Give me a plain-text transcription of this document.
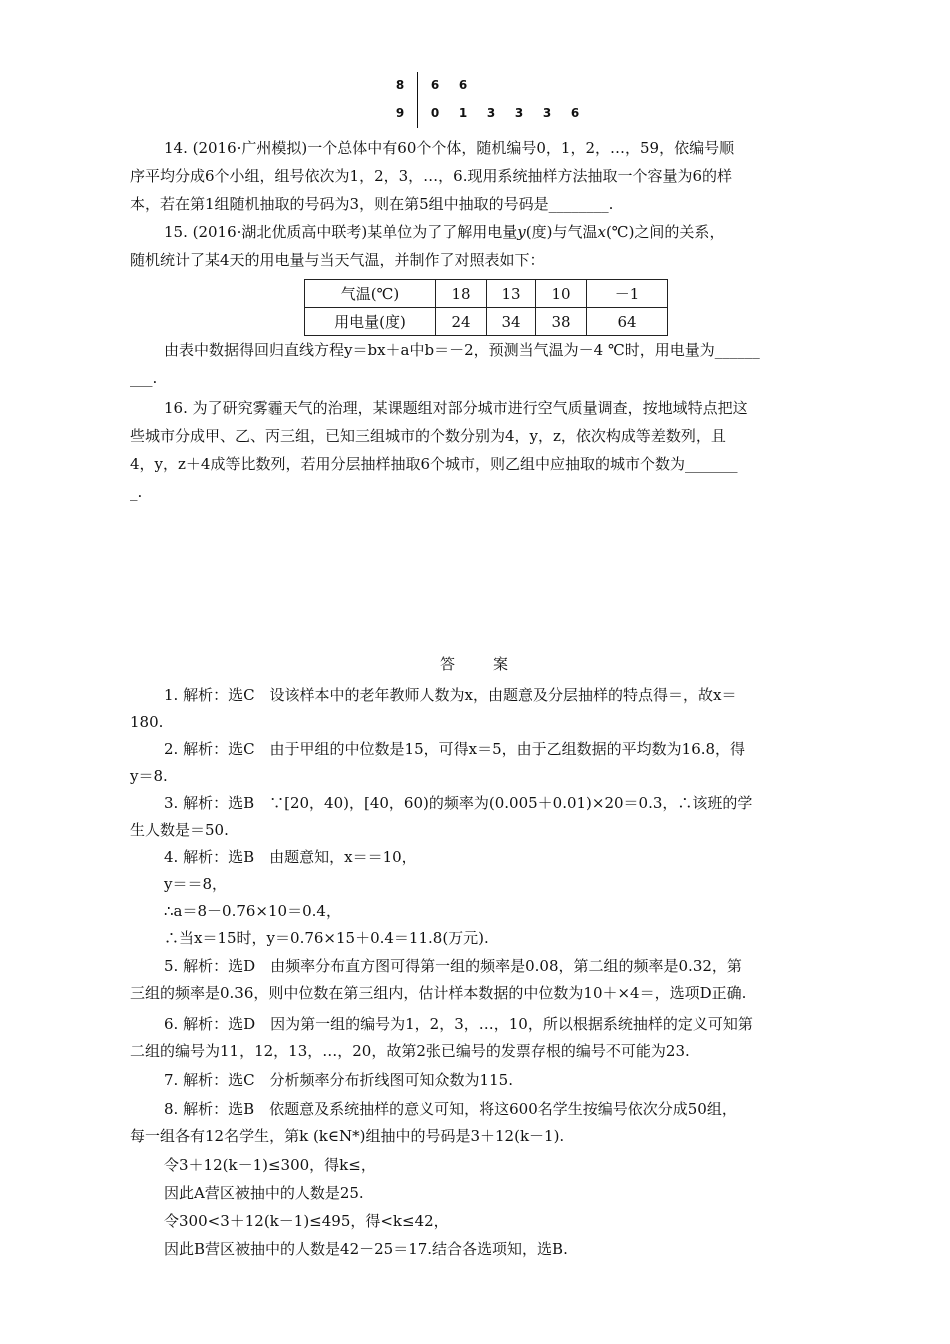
8	6 6
9	0 1 3 3 3 6
14. (2016·广州模拟)一个总体中有60个个体，随机编号0，1，2，…，59，依编号顺
序平均分成6个小组，组号依次为1，2，3，…，6.现用系统抽样方法抽取一个容量为6的样
本，若在第1组随机抽取的号码为3，则在第5组中抽取的号码是________.
15. (2016·湖北优质高中联考)某单位为了了解用电量y(度)与气温x(℃)之间的关系，
随机统计了某4天的用电量与当天气温，并制作了对照表如下：
气温(℃)	18	13	10	－1
用电量(度)	24	34	38	64
由表中数据得回归直线方程y＝bx＋a中b＝－2，预测当气温为－4 ℃时，用电量为______
___.
16. 为了研究雾霾天气的治理，某课题组对部分城市进行空气质量调查，按地域特点把这
些城市分成甲、乙、丙三组，已知三组城市的个数分别为4，y，z，依次构成等差数列，且
4，y，z＋4成等比数列，若用分层抽样抽取6个城市，则乙组中应抽取的城市个数为_______
_.
答 案
1. 解析：选C　设该样本中的老年教师人数为x，由题意及分层抽样的特点得＝，故x＝
180.
2. 解析：选C　由于甲组的中位数是15，可得x＝5，由于乙组数据的平均数为16.8，得
y＝8.
3. 解析：选B　∵[20，40)，[40，60)的频率为(0.005＋0.01)×20＝0.3，∴该班的学
生人数是＝50.
4. 解析：选B　由题意知，x＝＝10，
y＝＝8，
∴a＝8－0.76×10＝0.4，
∴当x＝15时，y＝0.76×15＋0.4＝11.8(万元).
5. 解析：选D　由频率分布直方图可得第一组的频率是0.08，第二组的频率是0.32，第
三组的频率是0.36，则中位数在第三组内，估计样本数据的中位数为10＋×4＝，选项D正确.
6. 解析：选D　因为第一组的编号为1，2，3，…，10，所以根据系统抽样的定义可知第
二组的编号为11，12，13，…，20，故第2张已编号的发票存根的编号不可能为23.
7. 解析：选C　分析频率分布折线图可知众数为115.
8. 解析：选B　依题意及系统抽样的意义可知，将这600名学生按编号依次分成50组，
每一组各有12名学生，第k (k∈N*)组抽中的号码是3＋12(k－1).
令3＋12(k－1)≤300，得k≤，
因此A营区被抽中的人数是25.
令300<3＋12(k－1)≤495，得<k≤42，
因此B营区被抽中的人数是42－25＝17.结合各选项知，选B.
